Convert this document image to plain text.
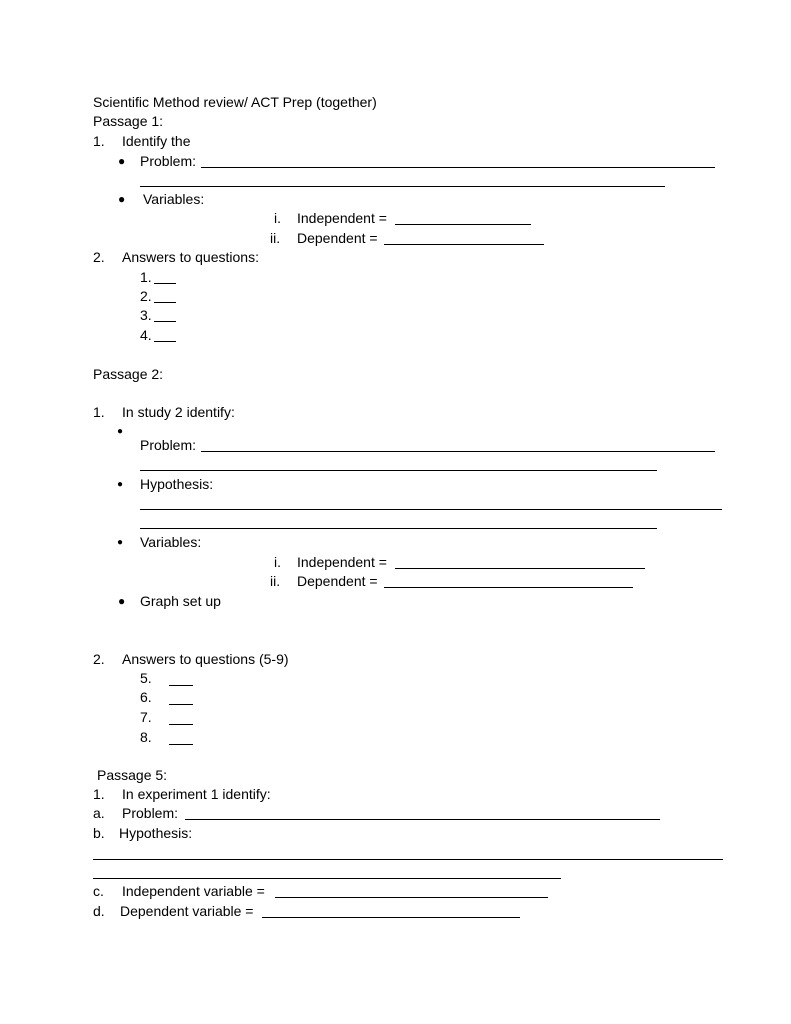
Scientific Method review/ ACT Prep (together)
Passage 1:
1. Identify the
● Problem:
● Variables:
i. Independent =
ii. Dependent =
2. Answers to questions:
1.
2.
3.
4.
Passage 2:
1. In study 2 identify:
●
Problem:
● Hypothesis:
● Variables:
i. Independent =
ii. Dependent =
● Graph set up
2. Answers to questions (5-9)
5.
6.
7.
8.
Passage 5:
1. In experiment 1 identify:
a. Problem:
b. Hypothesis:
c. Independent variable =
d. Dependent variable =
